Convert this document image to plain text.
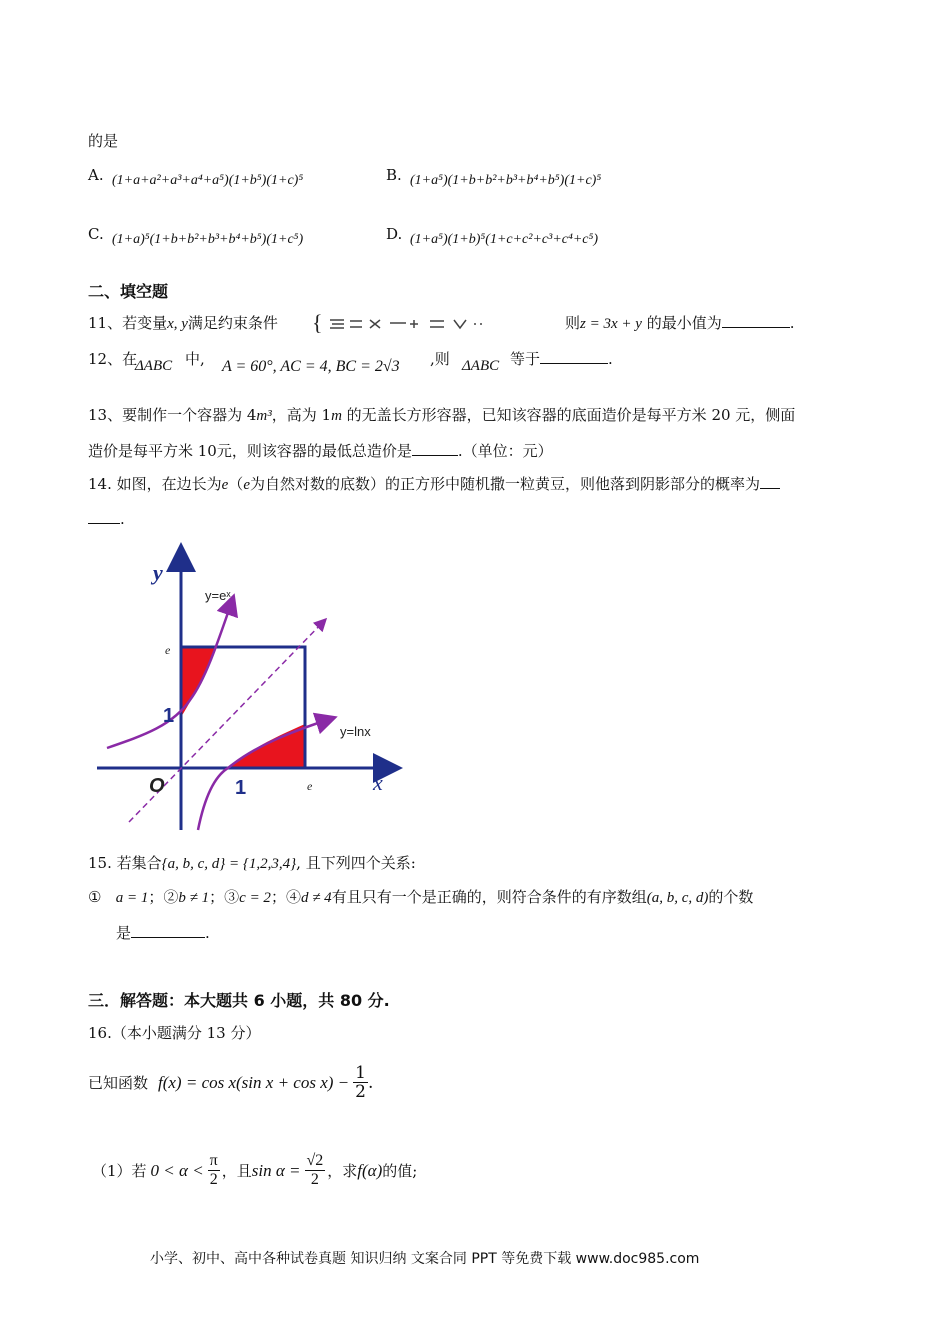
的是
A. (1+a+a²+a³+a⁴+a⁵)(1+b⁵)(1+c)⁵	B. (1+a⁵)(1+b+b²+b³+b⁴+b⁵)(1+c)⁵
C. (1+a)⁵(1+b+b²+b³+b⁴+b⁵)(1+c⁵)	D. (1+a⁵)(1+b)⁵(1+c+c²+c³+c⁴+c⁵)
二、填空题
11、若变量x, y满足约束条件 {	则z = 3x + y 的最小值为	.
12、在
ΔABC 中, A = 60°, AC = 4, BC = 2√3 ,则 ΔABC 等于	.
13、要制作一个容器为 4m³，高为 1m 的无盖长方形容器，已知该容器的底面造价是每平方米 20 元，侧面
造价是每平方米 10元，则该容器的最低总造价是	.（单位：元）
14. 如图，在边长为e（e为自然对数的底数）的正方形中随机撒一粒黄豆，则他落到阴影部分的概率为
.
y
x
O
1
1
e
e
y=eˣ
y=lnx
15. 若集合{a, b, c, d} = {1,2,3,4}, 且下列四个关系:
① a = 1；②b ≠ 1；③c = 2；④d ≠ 4有且只有一个是正确的，则符合条件的有序数组(a, b, c, d)的个数
是	.
三．解答题：本大题共 6 小题，共 80 分.
16.（本小题满分 13 分）
已知函数 f(x) = cos x(sin $x + \cos x) - \frac{1}{2}$ .
（1）若 $0 < \alpha < \frac{\pi}{2}$ ，且 $\sin \alpha = \frac{√2}{2}$ ，求 f(α) 的值;
小学、初中、高中各种试卷真题 知识归纳 文案合同 PPT 等免费下载 www.doc985.com
